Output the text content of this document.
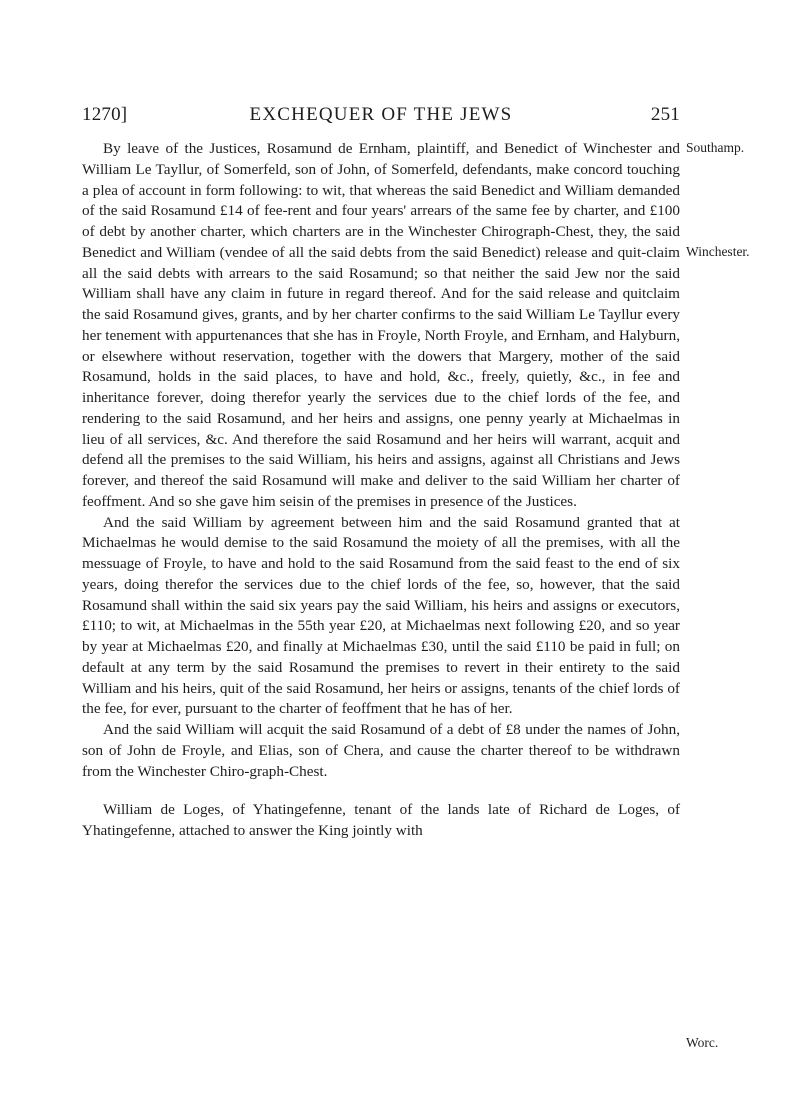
1270]	EXCHEQUER OF THE JEWS	251

By leave of the Justices, Rosamund de Ernham, plaintiff, and Benedict of Winchester and William Le Tayllur, of Somerfeld, son of John, of Somerfeld, defendants, make concord touching a plea of account in form following: to wit, that whereas the said Benedict and William demanded of the said Rosamund £14 of fee-rent and four years' arrears of the same fee by charter, and £100 of debt by another charter, which charters are in the Winchester Chirograph-Chest, they, the said Benedict and William (vendee of all the said debts from the said Benedict) release and quit-claim all the said debts with arrears to the said Rosamund; so that neither the said Jew nor the said William shall have any claim in future in regard thereof. And for the said release and quitclaim the said Rosamund gives, grants, and by her charter confirms to the said William Le Tayllur every her tenement with appurtenances that she has in Froyle, North Froyle, and Ernham, and Halyburn, or elsewhere without reservation, together with the dowers that Margery, mother of the said Rosamund, holds in the said places, to have and hold, &c., freely, quietly, &c., in fee and inheritance forever, doing therefor yearly the services due to the chief lords of the fee, and rendering to the said Rosamund, and her heirs and assigns, one penny yearly at Michaelmas in lieu of all services, &c. And therefore the said Rosamund and her heirs will warrant, acquit and defend all the premises to the said William, his heirs and assigns, against all Christians and Jews forever, and thereof the said Rosamund will make and deliver to the said William her charter of feoffment. And so she gave him seisin of the premises in presence of the Justices.

And the said William by agreement between him and the said Rosamund granted that at Michaelmas he would demise to the said Rosamund the moiety of all the premises, with all the messuage of Froyle, to have and hold to the said Rosamund from the said feast to the end of six years, doing therefor the services due to the chief lords of the fee, so, however, that the said Rosamund shall within the said six years pay the said William, his heirs and assigns or executors, £110; to wit, at Michaelmas in the 55th year £20, at Michaelmas next following £20, and so year by year at Michaelmas £20, and finally at Michaelmas £30, until the said £110 be paid in full; on default at any term by the said Rosamund the premises to revert in their entirety to the said William and his heirs, quit of the said Rosamund, her heirs or assigns, tenants of the chief lords of the fee, for ever, pursuant to the charter of feoffment that he has of her.

And the said William will acquit the said Rosamund of a debt of £8 under the names of John, son of John de Froyle, and Elias, son of Chera, and cause the charter thereof to be withdrawn from the Winchester Chiro-graph-Chest.

William de Loges, of Yhatingefenne, tenant of the lands late of Richard de Loges, of Yhatingefenne, attached to answer the King jointly with

Southamp.
Winchester.
Worc.
